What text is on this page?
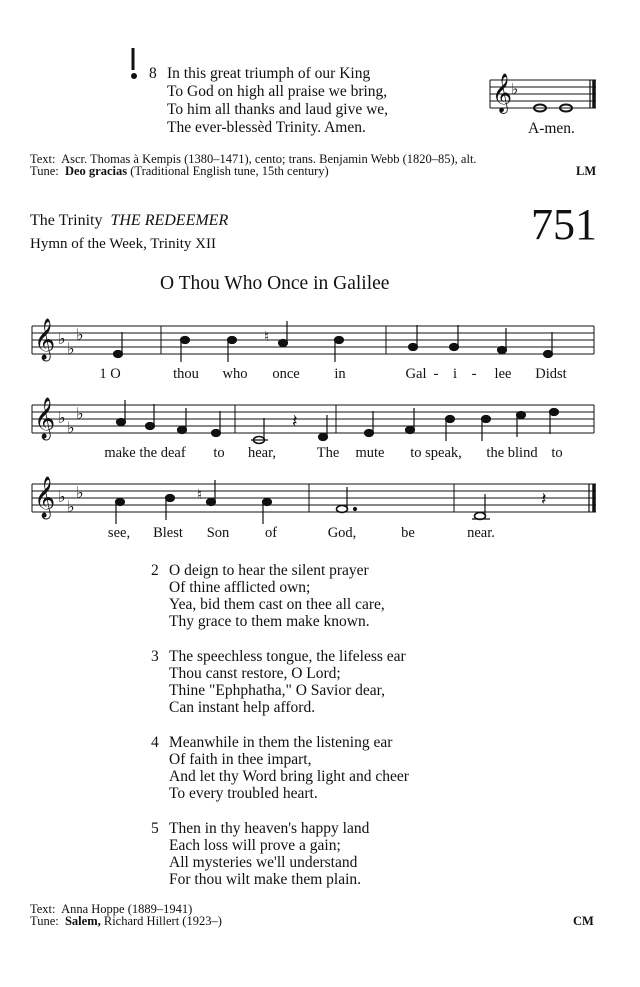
𝄞
♭
𝄞 ♭
♭
♭
𝄞 ♭
♭
♭
𝄞 ♭
♭
♭
♮
♮
𝄽
𝄽
8 In this great triumph of our King
To God on high all praise we bring,
To him all thanks and laud give we,
The ever-blessèd Trinity. Amen.	A-men.
Text: Ascr. Thomas à Kempis (1380–1471), cento; trans. Benjamin Webb (1820–85), alt.
Tune: Deo gracias (Traditional English tune, 15th century)	LM
The Trinity THE REDEEMER
Hymn of the Week, Trinity XII	751
O Thou Who Once in Galilee
1 O	thou who once in	Gal - i - lee Didst
make the deaf to hear,	The mute to speak, the blind to
see, Blest Son of	God,	be	near.
2 O deign to hear the silent prayer
Of thine afflicted own;
Yea, bid them cast on thee all care,
Thy grace to them make known.
3 The speechless tongue, the lifeless ear
Thou canst restore, O Lord;
Thine "Ephphatha," O Savior dear,
Can instant help afford.
4 Meanwhile in them the listening ear
Of faith in thee impart,
And let thy Word bring light and cheer
To every troubled heart.
5 Then in thy heaven's happy land
Each loss will prove a gain;
All mysteries we'll understand
For thou wilt make them plain.
Text: Anna Hoppe (1889–1941)
Tune: Salem, Richard Hillert (1923–)	CM
